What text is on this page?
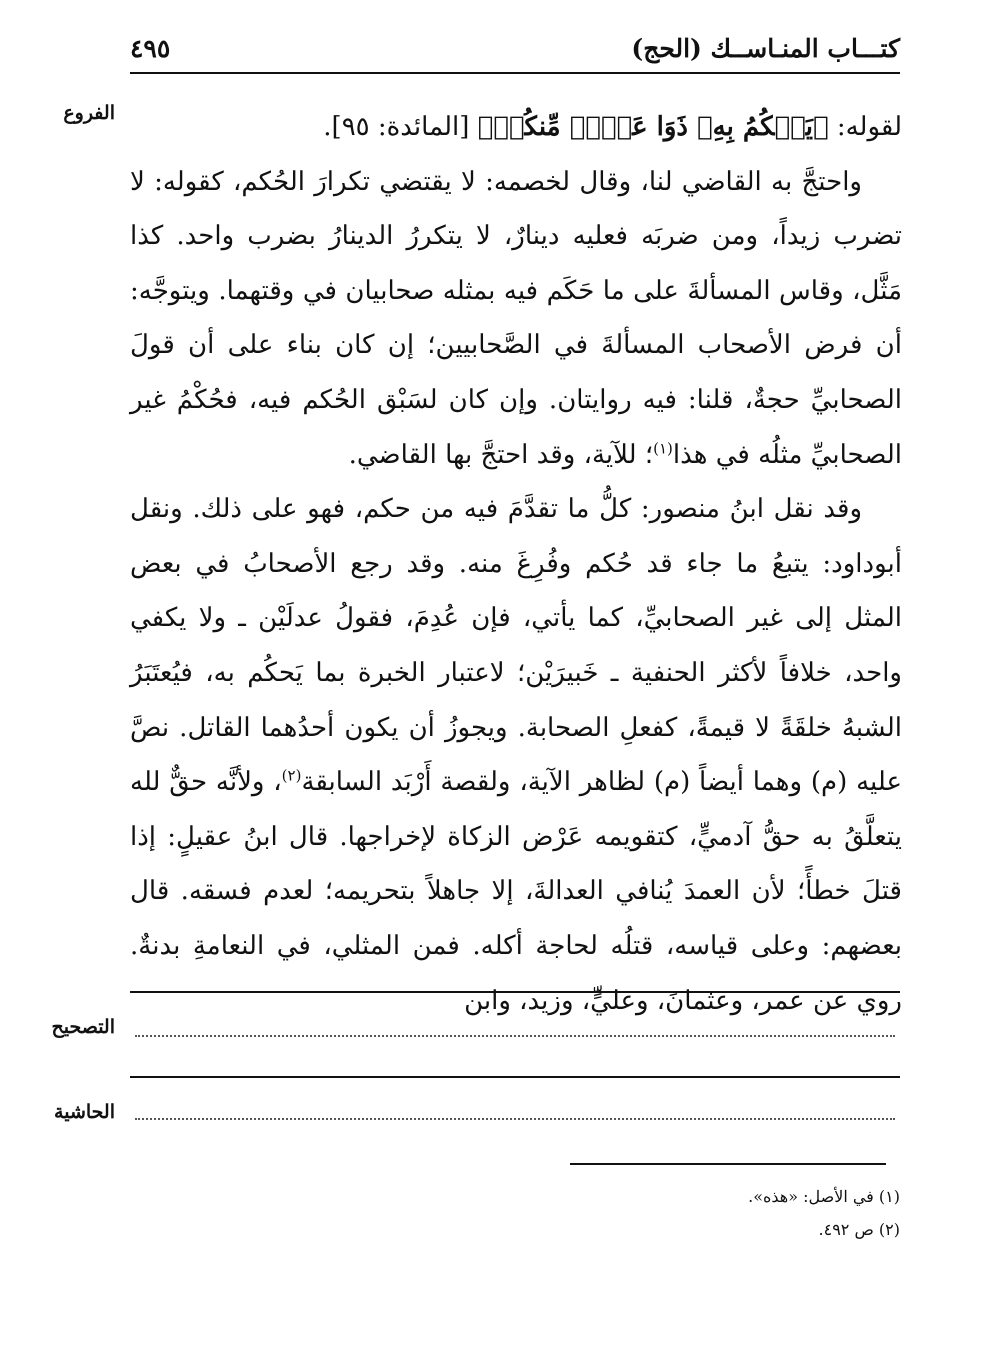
كتـــاب المنـاســك (الحج)
٤٩٥
الفروع	لقوله: ﴿يَحۡكُمُ بِهِۦ ذَوَا عَدۡلٖ مِّنكُمۡ﴾ [المائدة: ٩٥].

واحتجَّ به القاضي لنا، وقال لخصمه: لا يقتضي تكرارَ الحُكم، كقوله: لا تضرب زيداً، ومن ضربَه فعليه دينارٌ، لا يتكررُ الدينارُ بضرب واحد. كذا مَثَّل، وقاس المسألةَ على ما حَكَم فيه بمثله صحابيان في وقتهما. ويتوجَّه: أن فرض الأصحاب المسألةَ في الصَّحابيين؛ إن كان بناء على أن قولَ الصحابيِّ حجةٌ، قلنا: فيه روايتان. وإن كان لسَبْق الحُكم فيه، فحُكْمُ غير الصحابيِّ مثلُه في هذا$^{(١)}$؛ للآية، وقد احتجَّ بها القاضي.

وقد نقل ابنُ منصور: كلُّ ما تقدَّمَ فيه من حكم، فهو على ذلك. ونقل أبوداود: يتبعُ ما جاء قد حُكم وفُرِغَ منه. وقد رجع الأصحابُ في بعض المثل إلى غير الصحابيِّ، كما يأتي، فإن عُدِمَ، فقولُ عدلَيْن ـ ولا يكفي واحد، خلافاً لأكثر الحنفية ـ خَبيرَيْن؛ لاعتبار الخبرة بما يَحكُم به، فيُعتَبَرُ الشبهُ خلقَةً لا قيمةً، كفعلِ الصحابة. ويجوزُ أن يكون أحدُهما القاتل. نصَّ عليه (م) وهما أيضاً (م) لظاهر الآية، ولقصة أَرْبَد السابقة$^{(٢)}$، ولأنَّه حقٌّ لله يتعلَّقُ به حقُّ آدميٍّ، كتقويمه عَرْض الزكاة لإخراجها. قال ابنُ عقيلٍ: إذا قتلَ خطأً؛ لأن العمدَ يُنافي العدالةَ، إلا جاهلاً بتحريمه؛ لعدم فسقه. قال بعضهم: وعلى قياسه، قتلُه لحاجة أكله. فمن المثلي، في النعامةِ بدنةٌ. روي عن عمر، وعثمانَ، وعليٍّ، وزيد، وابن

التصحيح
الحاشية
(١) في الأصل: «هذه».
(٢) ص ٤٩٢.
